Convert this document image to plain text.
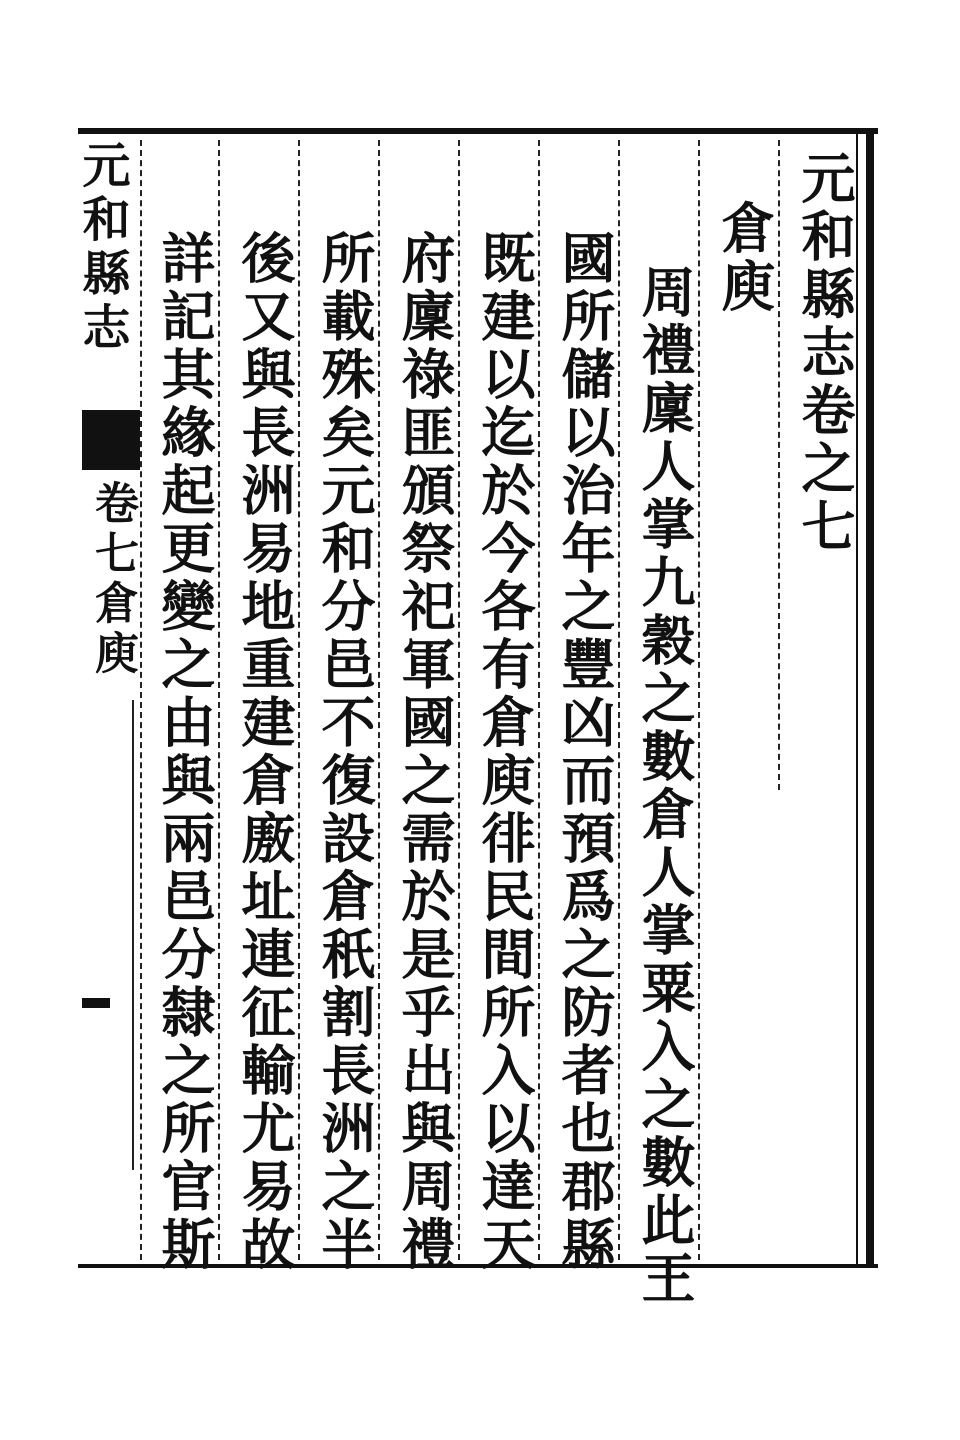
元和縣志卷之七
倉庾
周禮廩人掌九穀之數倉人掌粟入之數此王
國所儲以治年之豐凶而預爲之防者也郡縣
既建以迄於今各有倉庾徘民間所入以達天
府廩祿匪頒祭祀軍國之需於是乎出與周禮
所載殊矣元和分邑不復設倉秖割長洲之半
後又與長洲易地重建倉廒址連征輸尤易故
詳記其緣起更變之由與兩邑分隸之所官斯
元和縣志
卷七倉庾
